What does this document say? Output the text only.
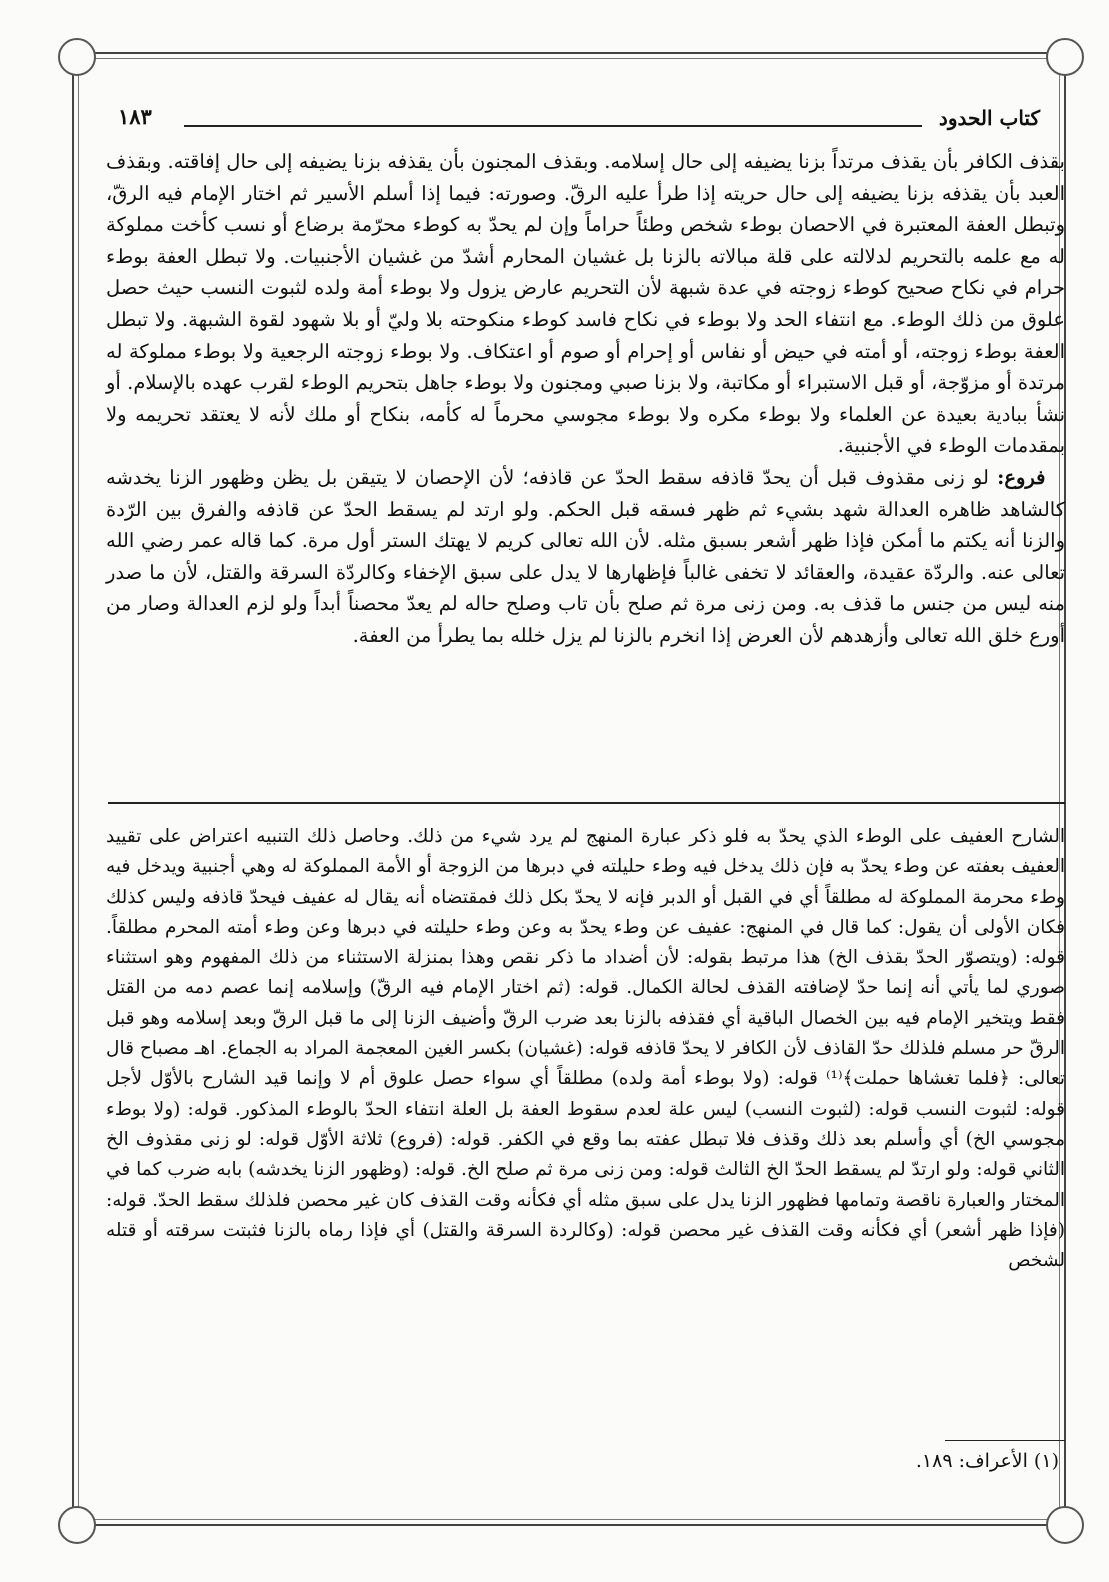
كتاب الحدود
١٨٣

بقذف الكافر بأن يقذف مرتداً بزنا يضيفه إلى حال إسلامه. وبقذف المجنون بأن يقذفه بزنا يضيفه إلى حال إفاقته. وبقذف العبد بأن يقذفه بزنا يضيفه إلى حال حريته إذا طرأ عليه الرقّ. وصورته: فيما إذا أسلم الأسير ثم اختار الإمام فيه الرقّ، وتبطل العفة المعتبرة في الاحصان بوطء شخص وطئاً حراماً وإن لم يحدّ به كوطء محرّمة برضاع أو نسب كأخت مملوكة له مع علمه بالتحريم لدلالته على قلة مبالاته بالزنا بل غشيان المحارم أشدّ من غشيان الأجنبيات. ولا تبطل العفة بوطء حرام في نكاح صحيح كوطء زوجته في عدة شبهة لأن التحريم عارض يزول ولا بوطء أمة ولده لثبوت النسب حيث حصل علوق من ذلك الوطء. مع انتفاء الحد ولا بوطء في نكاح فاسد كوطء منكوحته بلا وليّ أو بلا شهود لقوة الشبهة. ولا تبطل العفة بوطء زوجته، أو أمته في حيض أو نفاس أو إحرام أو صوم أو اعتكاف. ولا بوطء زوجته الرجعية ولا بوطء مملوكة له مرتدة أو مزوّجة، أو قبل الاستبراء أو مكاتبة، ولا بزنا صبي ومجنون ولا بوطء جاهل بتحريم الوطء لقرب عهده بالإسلام. أو نشأ ببادية بعيدة عن العلماء ولا بوطء مكره ولا بوطء مجوسي محرماً له كأمه، بنكاح أو ملك لأنه لا يعتقد تحريمه ولا بمقدمات الوطء في الأجنبية.

 فروع: لو زنى مقذوف قبل أن يحدّ قاذفه سقط الحدّ عن قاذفه؛ لأن الإحصان لا يتيقن بل يظن وظهور الزنا يخدشه كالشاهد ظاهره العدالة شهد بشيء ثم ظهر فسقه قبل الحكم. ولو ارتد لم يسقط الحدّ عن قاذفه والفرق بين الرّدة والزنا أنه يكتم ما أمكن فإذا ظهر أشعر بسبق مثله. لأن الله تعالى كريم لا يهتك الستر أول مرة. كما قاله عمر رضي الله تعالى عنه. والردّة عقيدة، والعقائد لا تخفى غالباً فإظهارها لا يدل على سبق الإخفاء وكالردّة السرقة والقتل، لأن ما صدر منه ليس من جنس ما قذف به. ومن زنى مرة ثم صلح بأن تاب وصلح حاله لم يعدّ محصناً أبداً ولو لزم العدالة وصار من أورع خلق الله تعالى وأزهدهم لأن العرض إذا انخرم بالزنا لم يزل خلله بما يطرأ من العفة.

الشارح العفيف على الوطء الذي يحدّ به فلو ذكر عبارة المنهج لم يرد شيء من ذلك. وحاصل ذلك التنبيه اعتراض على تقييد العفيف بعفته عن وطء يحدّ به فإن ذلك يدخل فيه وطء حليلته في دبرها من الزوجة أو الأمة المملوكة له وهي أجنبية ويدخل فيه وطء محرمة المملوكة له مطلقاً أي في القبل أو الدبر فإنه لا يحدّ بكل ذلك فمقتضاه أنه يقال له عفيف فيحدّ قاذفه وليس كذلك فكان الأولى أن يقول: كما قال في المنهج: عفيف عن وطء يحدّ به وعن وطء حليلته في دبرها وعن وطء أمته المحرم مطلقاً. قوله: (ويتصوّر الحدّ بقذف الخ) هذا مرتبط بقوله: لأن أضداد ما ذكر نقص وهذا بمنزلة الاستثناء من ذلك المفهوم وهو استثناء صوري لما يأتي أنه إنما حدّ لإضافته القذف لحالة الكمال. قوله: (ثم اختار الإمام فيه الرقّ) وإسلامه إنما عصم دمه من القتل فقط ويتخير الإمام فيه بين الخصال الباقية أي فقذفه بالزنا بعد ضرب الرقّ وأضيف الزنا إلى ما قبل الرقّ وبعد إسلامه وهو قبل الرقّ حر مسلم فلذلك حدّ القاذف لأن الكافر لا يحدّ قاذفه قوله: (غشيان) بكسر الغين المعجمة المراد به الجماع. اهـ مصباح قال تعالى: ﴿فلما تغشاها حملت﴾⁽¹⁾ قوله: (ولا بوطء أمة ولده) مطلقاً أي سواء حصل علوق أم لا وإنما قيد الشارح بالأوّل لأجل قوله: لثبوت النسب قوله: (لثبوت النسب) ليس علة لعدم سقوط العفة بل العلة انتفاء الحدّ بالوطء المذكور. قوله: (ولا بوطء مجوسي الخ) أي وأسلم بعد ذلك وقذف فلا تبطل عفته بما وقع في الكفر. قوله: (فروع) ثلاثة الأوّل قوله: لو زنى مقذوف الخ الثاني قوله: ولو ارتدّ لم يسقط الحدّ الخ الثالث قوله: ومن زنى مرة ثم صلح الخ. قوله: (وظهور الزنا يخدشه) بابه ضرب كما في المختار والعبارة ناقصة وتمامها فظهور الزنا يدل على سبق مثله أي فكأنه وقت القذف كان غير محصن فلذلك سقط الحدّ. قوله: (فإذا ظهر أشعر) أي فكأنه وقت القذف غير محصن قوله: (وكالردة السرقة والقتل) أي فإذا رماه بالزنا فثبتت سرقته أو قتله لشخص

(١) الأعراف: ١٨٩.
